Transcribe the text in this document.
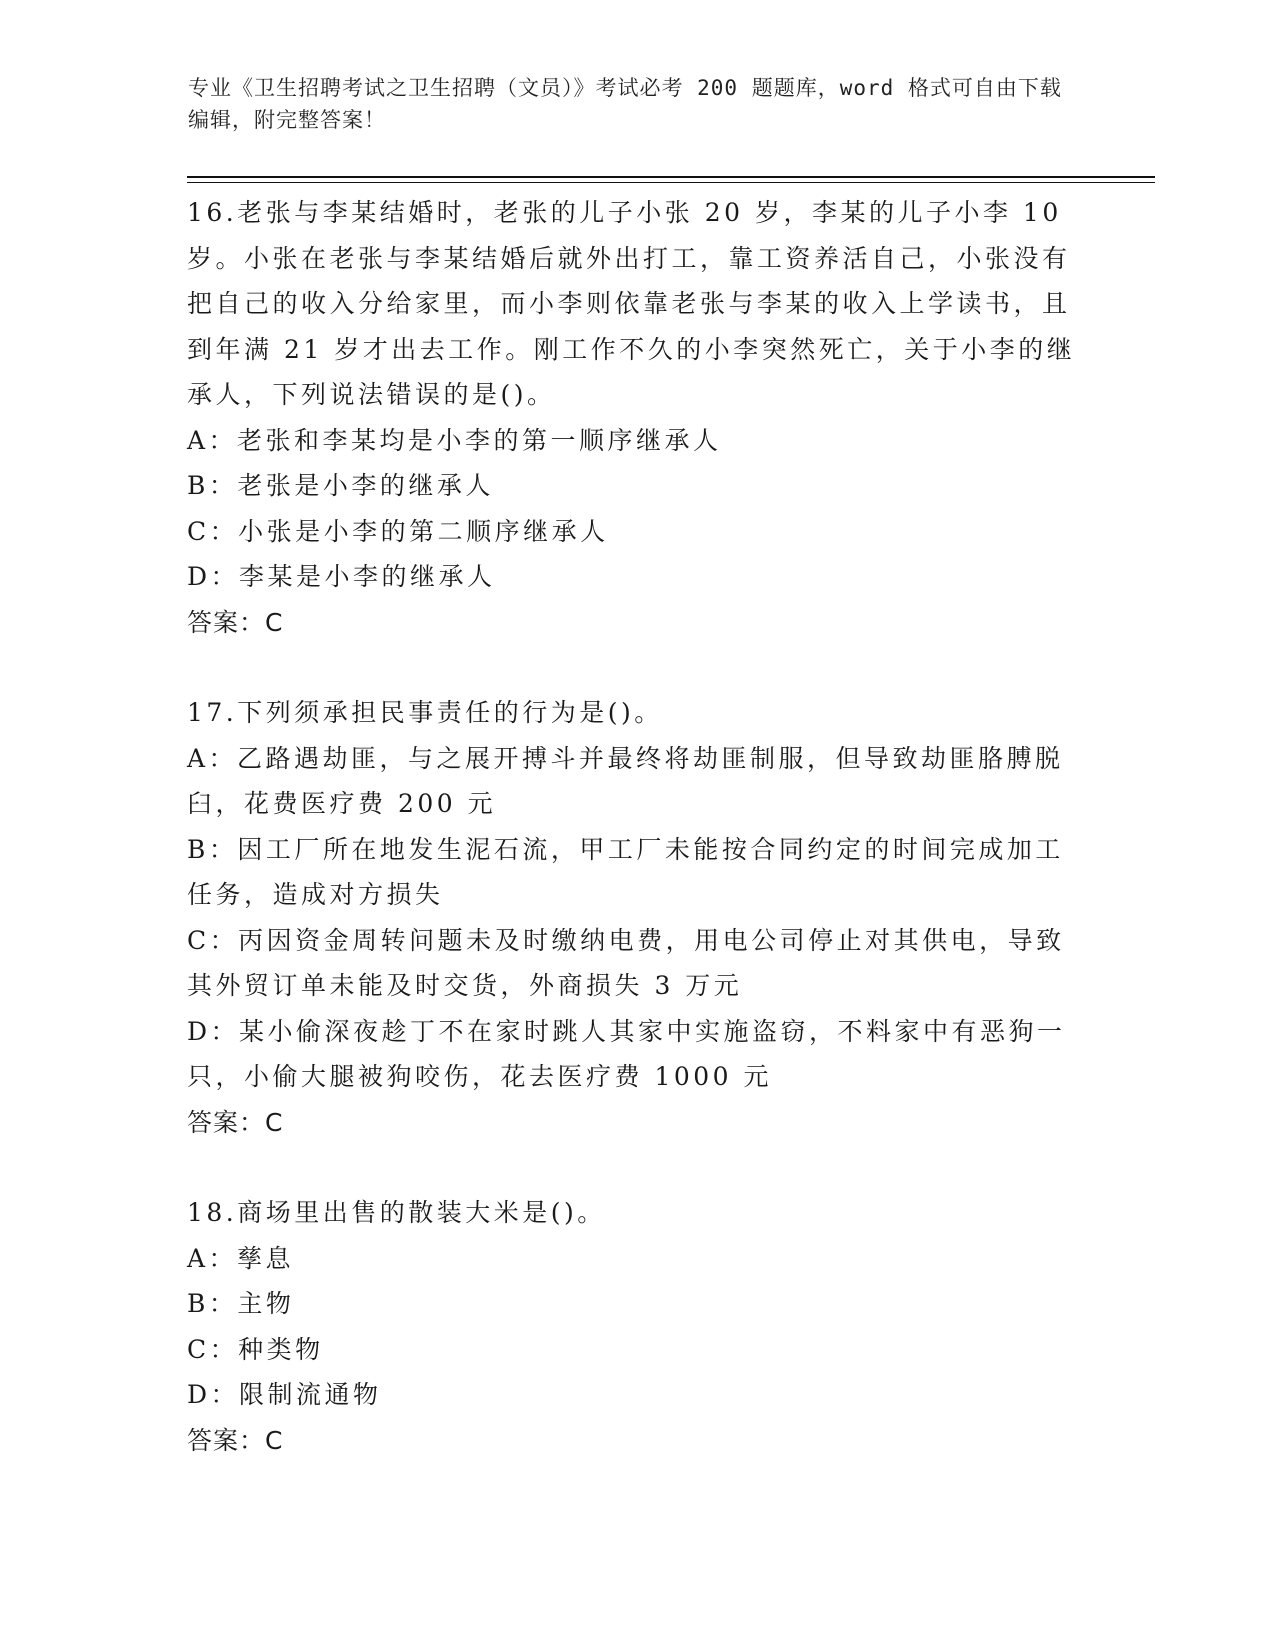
专业《卫生招聘考试之卫生招聘（文员）》考试必考 200 题题库，word 格式可自由下载编辑，附完整答案！

16.老张与李某结婚时，老张的儿子小张 20 岁，李某的儿子小李 10 岁。小张在老张与李某结婚后就外出打工，靠工资养活自己，小张没有把自己的收入分给家里，而小李则依靠老张与李某的收入上学读书，且到年满 21 岁才出去工作。刚工作不久的小李突然死亡，关于小李的继承人，下列说法错误的是()。

A：老张和李某均是小李的第一顺序继承人

B：老张是小李的继承人

C：小张是小李的第二顺序继承人

D：李某是小李的继承人

答案：C

17.下列须承担民事责任的行为是()。

A：乙路遇劫匪，与之展开搏斗并最终将劫匪制服，但导致劫匪胳膊脱臼，花费医疗费 200 元

B：因工厂所在地发生泥石流，甲工厂未能按合同约定的时间完成加工任务，造成对方损失

C：丙因资金周转问题未及时缴纳电费，用电公司停止对其供电，导致其外贸订单未能及时交货，外商损失 3 万元

D：某小偷深夜趁丁不在家时跳人其家中实施盗窃，不料家中有恶狗一只，小偷大腿被狗咬伤，花去医疗费 1000 元

答案：C

18.商场里出售的散装大米是()。

A：孳息

B：主物

C：种类物

D：限制流通物

答案：C
